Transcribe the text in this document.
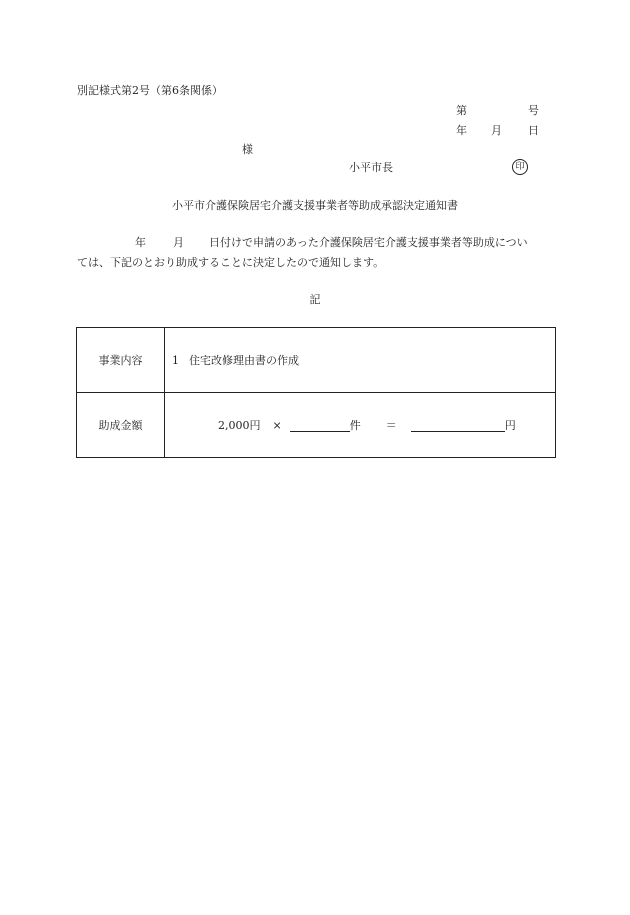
別記様式第2号（第6条関係）
第	号
年 月 日
様
小平市長	印
小平市介護保険居宅介護支援事業者等助成承認決定通知書
年 月 日付けで申請のあった介護保険居宅介護支援事業者等助成につい
ては、下記のとおり助成することに決定したので通知します。
記
事業内容	1 住宅改修理由書の作成
助成金額	2,000円 ×	件 ＝	円
